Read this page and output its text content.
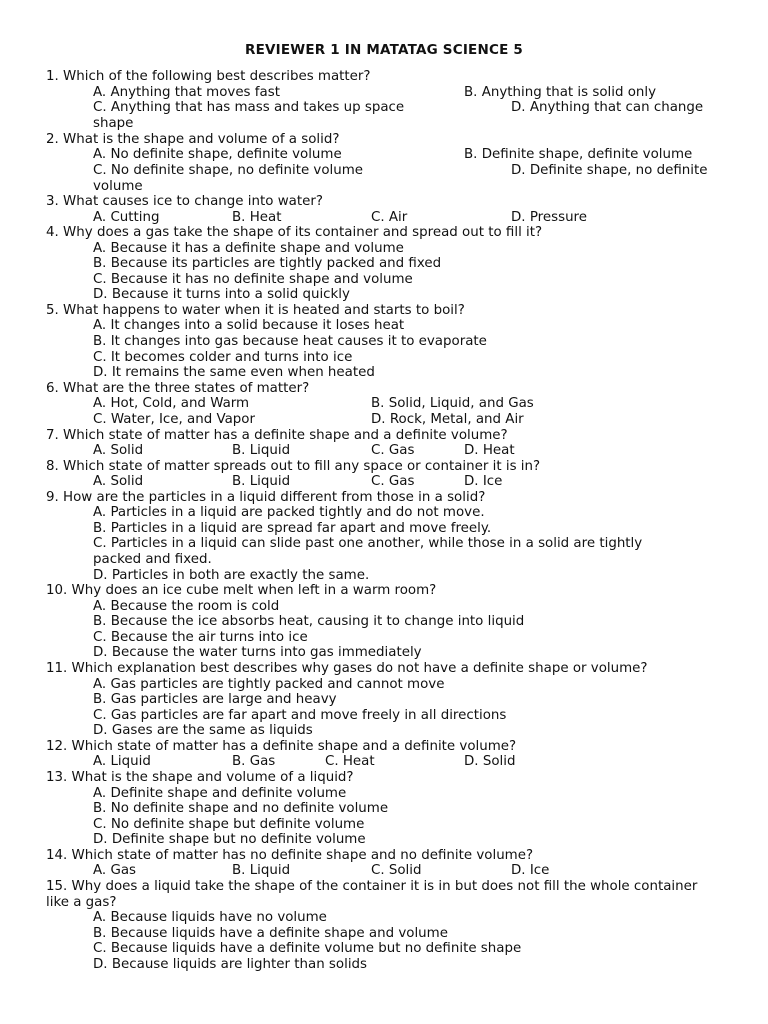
REVIEWER 1 IN MATATAG SCIENCE 5
1. Which of the following best describes matter?
A. Anything that moves fast	B. Anything that is solid only
C. Anything that has mass and takes up space	D. Anything that can change shape
2. What is the shape and volume of a solid?
A. No definite shape, definite volume	B. Definite shape, definite volume
C. No definite shape, no definite volume	D. Definite shape, no definite volume
3. What causes ice to change into water?
A. Cutting	B. Heat	C. Air	D. Pressure
4. Why does a gas take the shape of its container and spread out to fill it?
A. Because it has a definite shape and volume
B. Because its particles are tightly packed and fixed
C. Because it has no definite shape and volume
D. Because it turns into a solid quickly
5. What happens to water when it is heated and starts to boil?
A. It changes into a solid because it loses heat
B. It changes into gas because heat causes it to evaporate
C. It becomes colder and turns into ice
D. It remains the same even when heated
6. What are the three states of matter?
A. Hot, Cold, and Warm	B. Solid, Liquid, and Gas
C. Water, Ice, and Vapor	D. Rock, Metal, and Air
7. Which state of matter has a definite shape and a definite volume?
A. Solid	B. Liquid	C. Gas	D. Heat
8. Which state of matter spreads out to fill any space or container it is in?
A. Solid	B. Liquid	C. Gas	D. Ice
9. How are the particles in a liquid different from those in a solid?
A. Particles in a liquid are packed tightly and do not move.
B. Particles in a liquid are spread far apart and move freely.
C. Particles in a liquid can slide past one another, while those in a solid are tightly packed and fixed.
D. Particles in both are exactly the same.
10. Why does an ice cube melt when left in a warm room?
A. Because the room is cold
B. Because the ice absorbs heat, causing it to change into liquid
C. Because the air turns into ice
D. Because the water turns into gas immediately
11. Which explanation best describes why gases do not have a definite shape or volume?
A. Gas particles are tightly packed and cannot move
B. Gas particles are large and heavy
C. Gas particles are far apart and move freely in all directions
D. Gases are the same as liquids
12. Which state of matter has a definite shape and a definite volume?
A. Liquid	B. Gas	C. Heat	D. Solid
13. What is the shape and volume of a liquid?
A. Definite shape and definite volume
B. No definite shape and no definite volume
C. No definite shape but definite volume
D. Definite shape but no definite volume
14. Which state of matter has no definite shape and no definite volume?
A. Gas	B. Liquid	C. Solid	D. Ice
15. Why does a liquid take the shape of the container it is in but does not fill the whole container like a gas?
A. Because liquids have no volume
B. Because liquids have a definite shape and volume
C. Because liquids have a definite volume but no definite shape
D. Because liquids are lighter than solids
